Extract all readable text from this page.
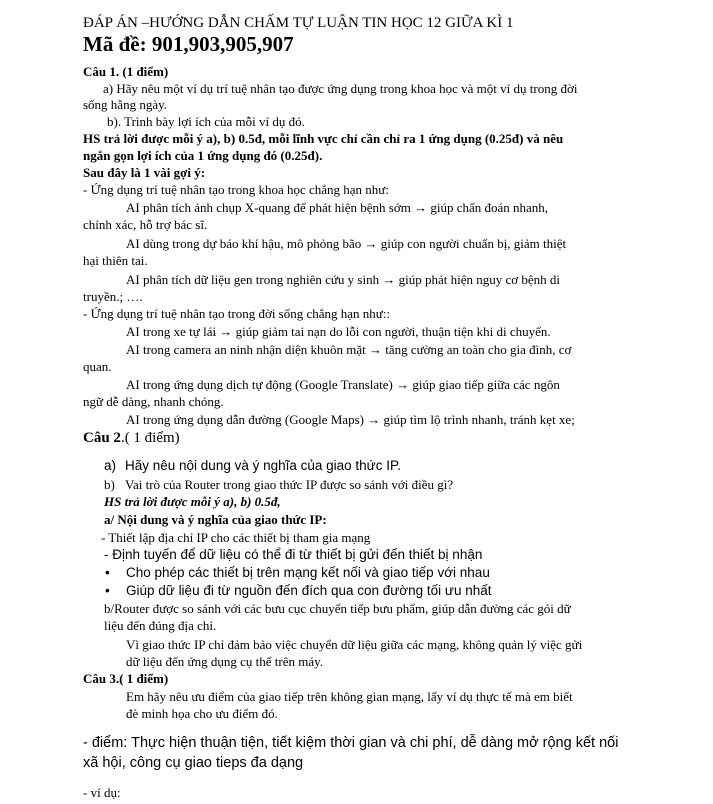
ĐÁP ÁN –HƯỚNG DẪN CHẤM TỰ LUẬN TIN HỌC 12 GIỮA KÌ 1
Mã đề: 901,903,905,907
Câu 1. (1 điểm)
a) Hãy nêu một ví dụ trí tuệ nhân tạo được ứng dụng trong khoa học và một ví dụ trong đời
sống hằng ngày.
b). Trình bày lợi ích của mỗi ví dụ đó.
HS trả lời được mỗi ý a), b) 0.5đ, mỗi lĩnh vực chỉ cần chỉ ra 1 ứng dụng (0.25đ) và nêu
ngắn gọn lợi ích của 1 ứng dụng đó (0.25đ).
Sau đây là 1 vài gợi ý:
- Ứng dụng trí tuệ nhân tạo trong khoa học chẳng hạn như:
AI phân tích ảnh chụp X-quang để phát hiện bệnh sớm → giúp chẩn đoán nhanh,
chính xác, hỗ trợ bác sĩ.
AI dùng trong dự báo khí hậu, mô phỏng bão → giúp con người chuẩn bị, giảm thiệt
hại thiên tai.
AI phân tích dữ liệu gen trong nghiên cứu y sinh → giúp phát hiện nguy cơ bệnh di
truyền.; ….
- Ứng dụng trí tuệ nhân tạo trong đời sống chẳng hạn như::
AI trong xe tự lái → giúp giảm tai nạn do lỗi con người, thuận tiện khi di chuyển.
AI trong camera an ninh nhận diện khuôn mặt → tăng cường an toàn cho gia đình, cơ
quan.
AI trong ứng dụng dịch tự động (Google Translate) → giúp giao tiếp giữa các ngôn
ngữ dễ dàng, nhanh chóng.
AI trong ứng dụng dẫn đường (Google Maps) → giúp tìm lộ trình nhanh, tránh kẹt xe;
Câu 2.( 1 điểm)
a) Hãy nêu nội dung và ý nghĩa của giao thức IP.
b) Vai trò của Router trong giao thức IP được so sánh với điều gì?
HS trả lời được mỗi ý a), b) 0.5đ,
a/ Nội dung và ý nghĩa của giao thức IP:
- Thiết lập địa chỉ IP cho các thiết bị tham gia mạng
- Định tuyến để dữ liệu có thể đi từ thiết bị gửi đến thiết bị nhận
• Cho phép các thiết bị trên mạng kết nối và giao tiếp với nhau
• Giúp dữ liệu đi từ nguồn đến đích qua con đường tối ưu nhất
b/Router được so sánh với các bưu cục chuyển tiếp bưu phẩm, giúp dẫn đường các gói dữ
liệu đến đúng địa chỉ.
Vì giao thức IP chỉ đảm bảo việc chuyển dữ liệu giữa các mạng, không quản lý việc gửi
dữ liệu đến ứng dụng cụ thể trên máy.
Câu 3.( 1 điểm)
Em hãy nêu ưu điểm của giao tiếp trên không gian mạng, lấy ví dụ thực tế mà em biết
đè minh họa cho ưu điểm đó.
- điểm: Thực hiện thuận tiện, tiết kiệm thời gian và chi phí, dễ dàng mở rộng kết nối
xã hội, công cụ giao tieps đa dạng
- ví dụ:
